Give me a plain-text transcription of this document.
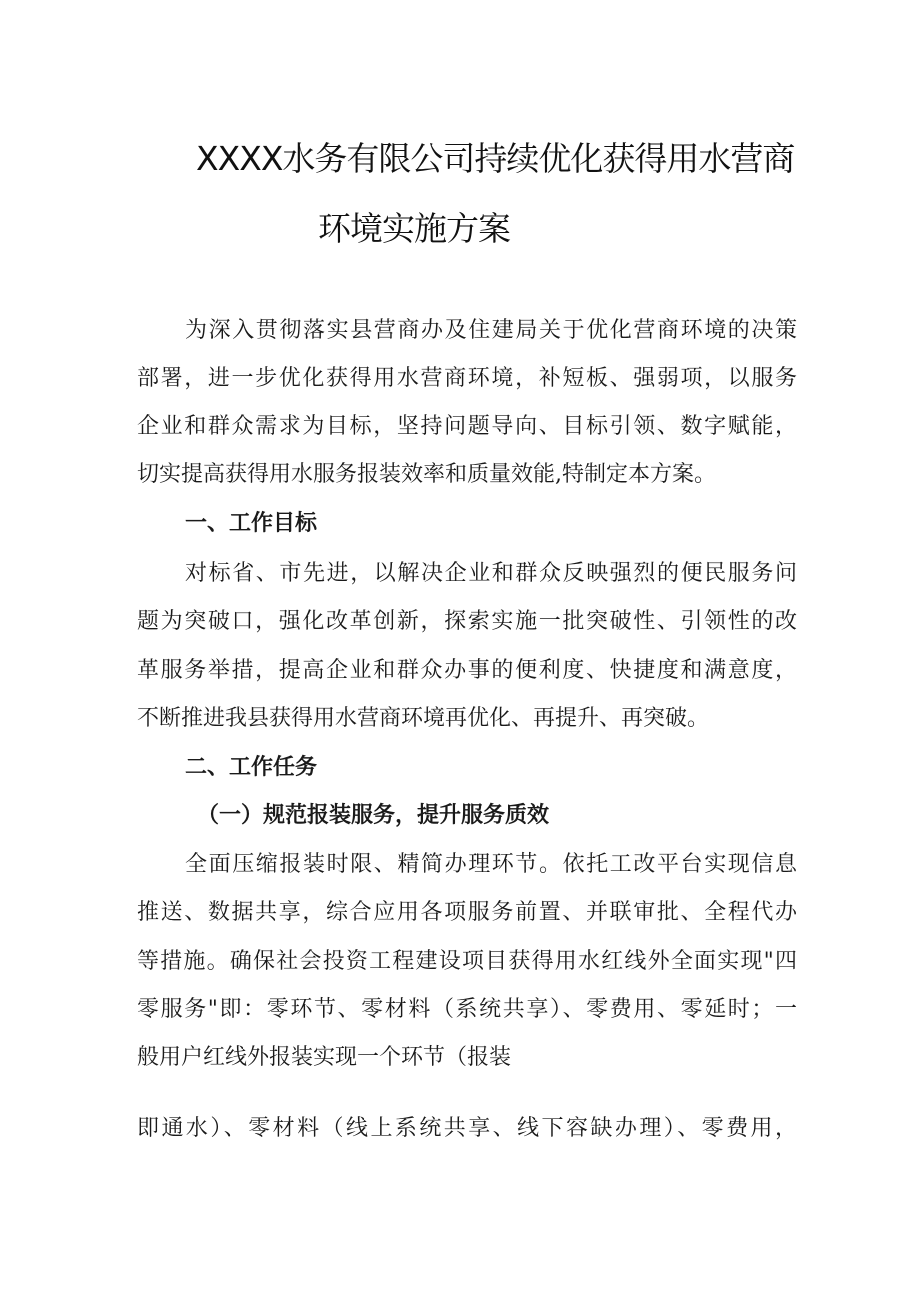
XXXX水务有限公司持续优化获得用水营商
环境实施方案
为深入贯彻落实县营商办及住建局关于优化营商环境的决策
部署，进一步优化获得用水营商环境，补短板、强弱项，以服务
企业和群众需求为目标，坚持问题导向、目标引领、数字赋能，
切实提高获得用水服务报装效率和质量效能,特制定本方案。
一、工作目标
对标省、市先进，以解决企业和群众反映强烈的便民服务问
题为突破口，强化改革创新，探索实施一批突破性、引领性的改
革服务举措，提高企业和群众办事的便利度、快捷度和满意度，
不断推进我县获得用水营商环境再优化、再提升、再突破。
二、工作任务
（一）规范报装服务，提升服务质效
全面压缩报装时限、精简办理环节。依托工改平台实现信息
推送、数据共享，综合应用各项服务前置、并联审批、全程代办
等措施。确保社会投资工程建设项目获得用水红线外全面实现"四
零服务"即：零环节、零材料（系统共享）、零费用、零延时；一
般用户红线外报装实现一个环节（报装
即通水）、零材料（线上系统共享、线下容缺办理）、零费用，
